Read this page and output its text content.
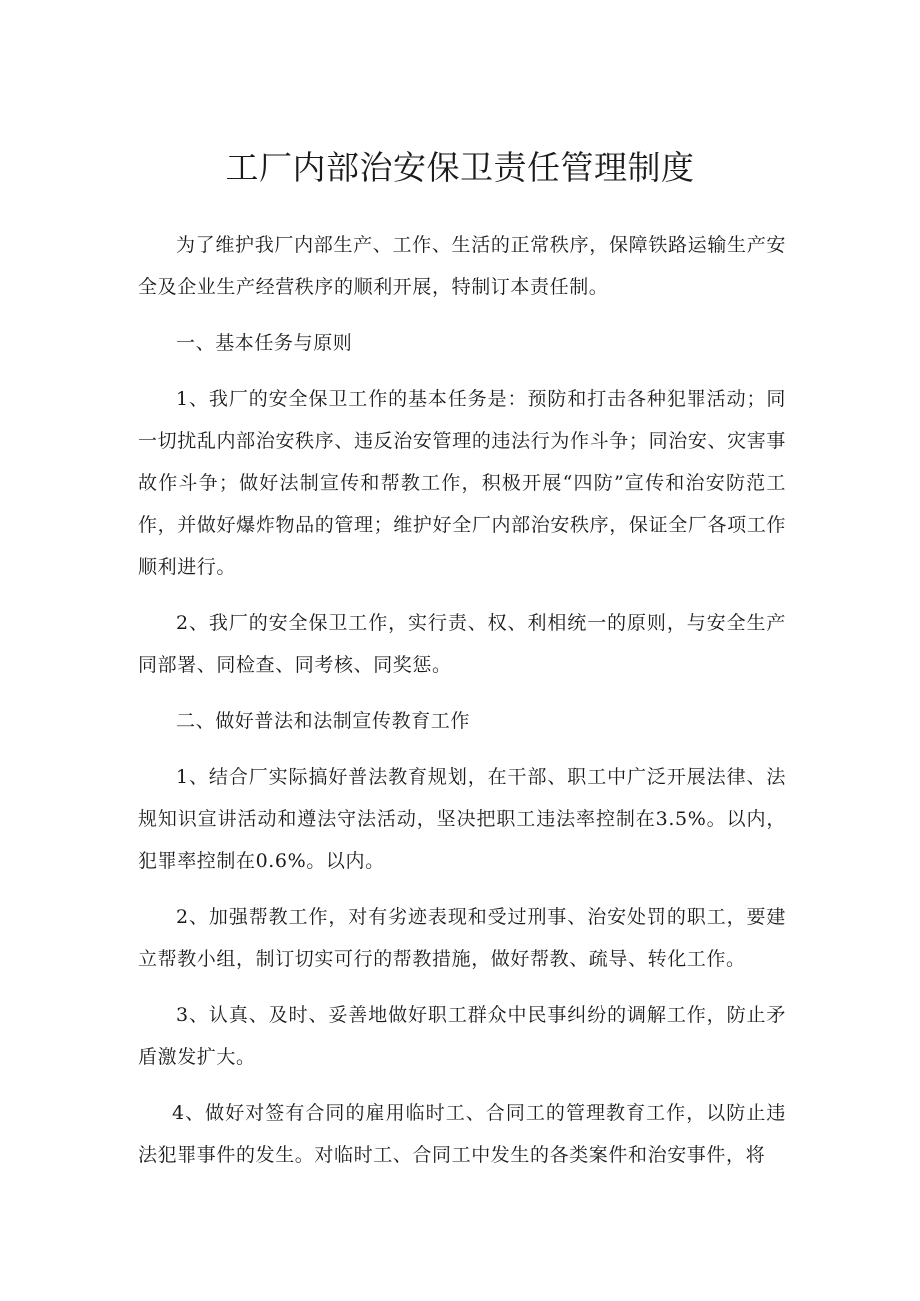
工厂内部治安保卫责任管理制度

为了维护我厂内部生产、工作、生活的正常秩序，保障铁路运输生产安全及企业生产经营秩序的顺利开展，特制订本责任制。

一、基本任务与原则

1、我厂的安全保卫工作的基本任务是：预防和打击各种犯罪活动；同一切扰乱内部治安秩序、违反治安管理的违法行为作斗争；同治安、灾害事故作斗争；做好法制宣传和帮教工作，积极开展“四防”宣传和治安防范工作，并做好爆炸物品的管理；维护好全厂内部治安秩序，保证全厂各项工作顺利进行。

2、我厂的安全保卫工作，实行责、权、利相统一的原则，与安全生产同部署、同检查、同考核、同奖惩。

二、做好普法和法制宣传教育工作

1、结合厂实际搞好普法教育规划，在干部、职工中广泛开展法律、法规知识宣讲活动和遵法守法活动，坚决把职工违法率控制在3.5%。以内，犯罪率控制在0.6%。以内。

2、加强帮教工作，对有劣迹表现和受过刑事、治安处罚的职工，要建立帮教小组，制订切实可行的帮教措施，做好帮教、疏导、转化工作。

3、认真、及时、妥善地做好职工群众中民事纠纷的调解工作，防止矛盾激发扩大。

4、做好对签有合同的雇用临时工、合同工的管理教育工作，以防止违法犯罪事件的发生。对临时工、合同工中发生的各类案件和治安事件，将
